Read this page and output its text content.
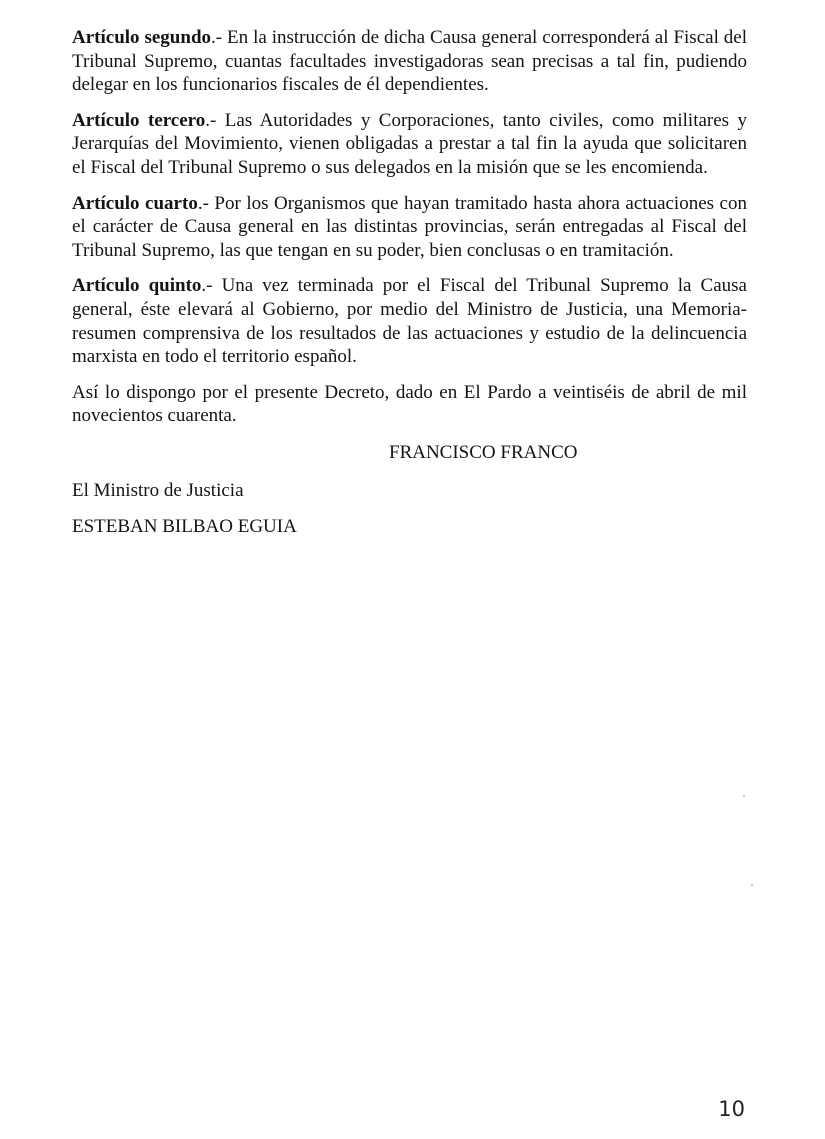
Artículo segundo.- En la instrucción de dicha Causa general corresponderá al Fiscal del Tribunal Supremo, cuantas facultades investigadoras sean precisas a tal fin, pudiendo delegar en los funcionarios fiscales de él dependientes.

Artículo tercero.- Las Autoridades y Corporaciones, tanto civiles, como militares y Jerarquías del Movimiento, vienen obligadas a prestar a tal fin la ayuda que solicitaren el Fiscal del Tribunal Supremo o sus delegados en la misión que se les encomienda.

Artículo cuarto.- Por los Organismos que hayan tramitado hasta ahora actuaciones con el carácter de Causa general en las distintas provincias, serán entregadas al Fiscal del Tribunal Supremo, las que tengan en su poder, bien conclusas o en tramitación.

Artículo quinto.- Una vez terminada por el Fiscal del Tribunal Supremo la Causa general, éste elevará al Gobierno, por medio del Ministro de Justicia, una Memoria-resumen comprensiva de los resultados de las actuaciones y estudio de la delincuencia marxista en todo el territorio español.

Así lo dispongo por el presente Decreto, dado en El Pardo a veintiséis de abril de mil novecientos cuarenta.

FRANCISCO FRANCO
El Ministro de Justicia
ESTEBAN BILBAO EGUIA
10
